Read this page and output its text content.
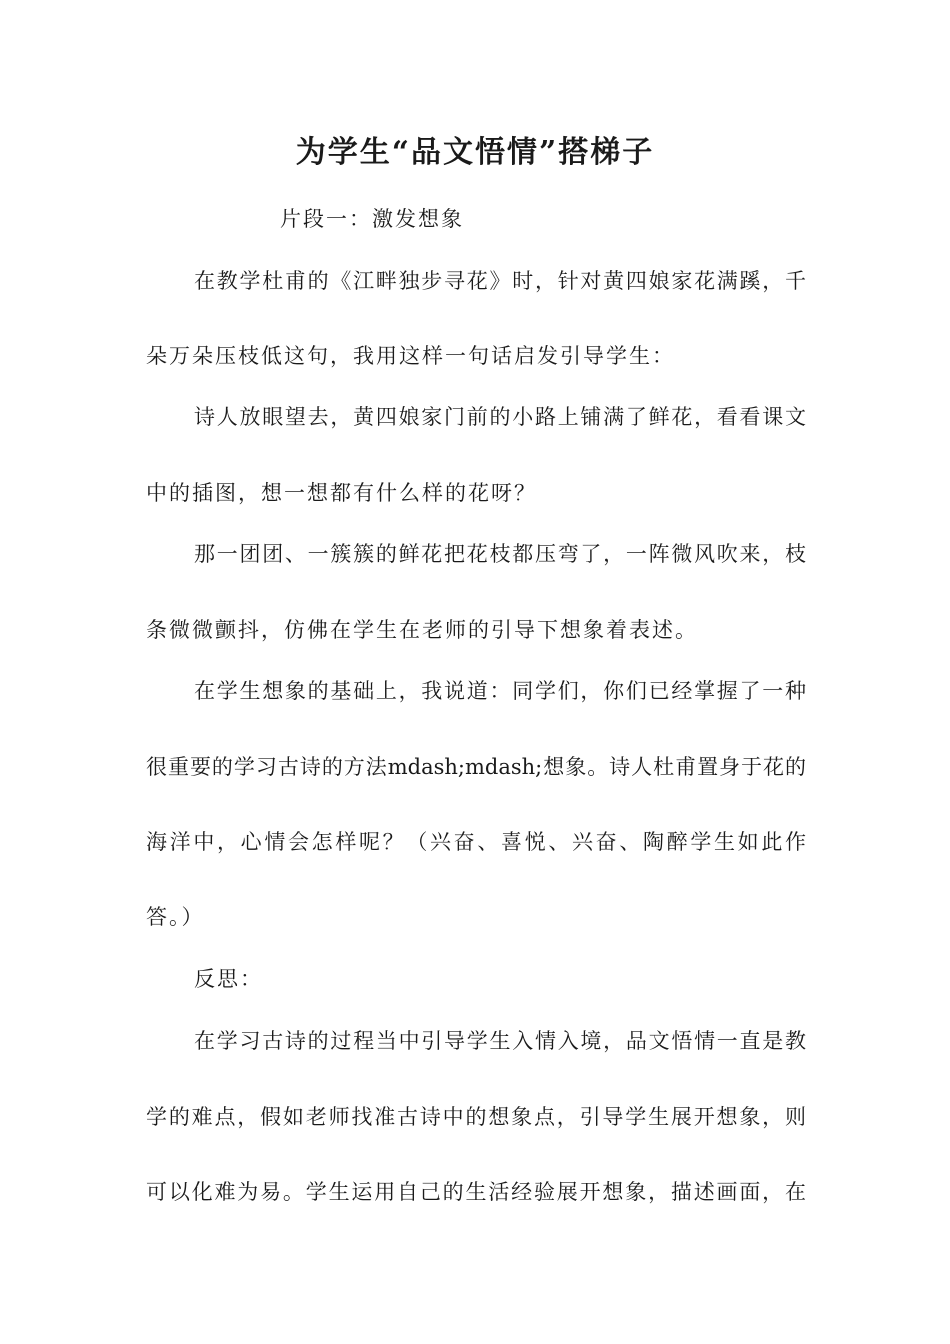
为学生“品文悟情”搭梯子

片段一：激发想象

在教学杜甫的《江畔独步寻花》时，针对黄四娘家花满蹊，千

朵万朵压枝低这句，我用这样一句话启发引导学生：

诗人放眼望去，黄四娘家门前的小路上铺满了鲜花，看看课文

中的插图，想一想都有什么样的花呀？

那一团团、一簇簇的鲜花把花枝都压弯了，一阵微风吹来，枝

条微微颤抖，仿佛在学生在老师的引导下想象着表述。

在学生想象的基础上，我说道：同学们，你们已经掌握了一种

很重要的学习古诗的方法mdash;mdash;想象。诗人杜甫置身于花的

海洋中，心情会怎样呢？（兴奋、喜悦、兴奋、陶醉学生如此作

答。）

反思：

在学习古诗的过程当中引导学生入情入境，品文悟情一直是教

学的难点，假如老师找准古诗中的想象点，引导学生展开想象，则

可以化难为易。学生运用自己的生活经验展开想象，描述画面，在
